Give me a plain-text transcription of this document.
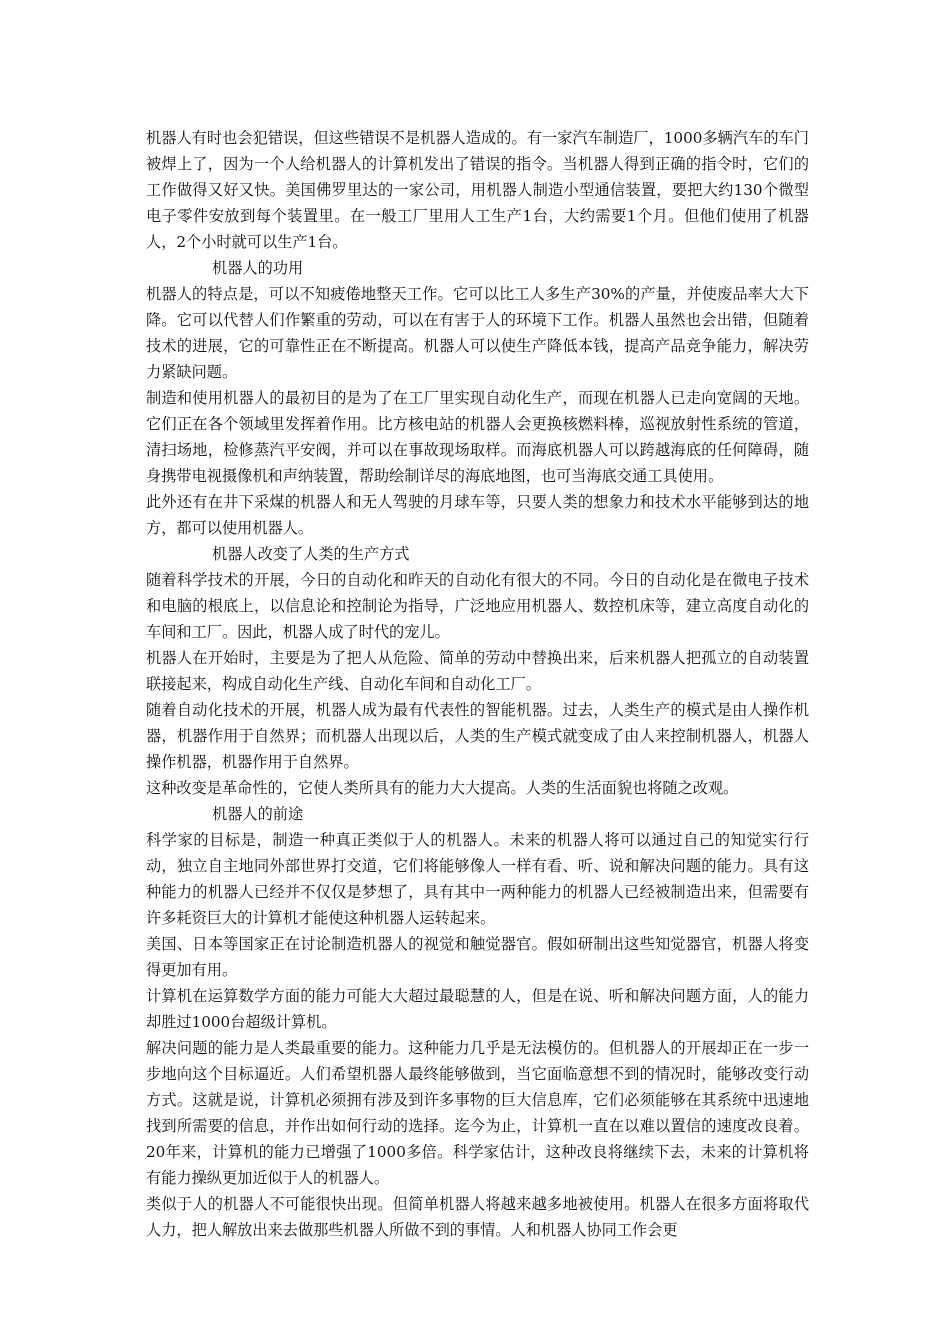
机器人有时也会犯错误，但这些错误不是机器人造成的。有一家汽车制造厂，1000多辆汽车的车门被焊上了，因为一个人给机器人的计算机发出了错误的指令。当机器人得到正确的指令时，它们的工作做得又好又快。美国佛罗里达的一家公司，用机器人制造小型通信装置，要把大约130个微型电子零件安放到每个装置里。在一般工厂里用人工生产1台，大约需要1个月。但他们使用了机器人，2个小时就可以生产1台。

机器人的功用

机器人的特点是，可以不知疲倦地整天工作。它可以比工人多生产30%的产量，并使废品率大大下降。它可以代替人们作繁重的劳动，可以在有害于人的环境下工作。机器人虽然也会出错，但随着技术的进展，它的可靠性正在不断提高。机器人可以使生产降低本钱，提高产品竞争能力，解决劳力紧缺问题。

制造和使用机器人的最初目的是为了在工厂里实现自动化生产，而现在机器人已走向宽阔的天地。它们正在各个领域里发挥着作用。比方核电站的机器人会更换核燃料棒，巡视放射性系统的管道，清扫场地，检修蒸汽平安阀，并可以在事故现场取样。而海底机器人可以跨越海底的任何障碍，随身携带电视摄像机和声纳装置，帮助绘制详尽的海底地图，也可当海底交通工具使用。

此外还有在井下采煤的机器人和无人驾驶的月球车等，只要人类的想象力和技术水平能够到达的地方，都可以使用机器人。

机器人改变了人类的生产方式

随着科学技术的开展，今日的自动化和昨天的自动化有很大的不同。今日的自动化是在微电子技术和电脑的根底上，以信息论和控制论为指导，广泛地应用机器人、数控机床等，建立高度自动化的车间和工厂。因此，机器人成了时代的宠儿。

机器人在开始时，主要是为了把人从危险、简单的劳动中替换出来，后来机器人把孤立的自动装置联接起来，构成自动化生产线、自动化车间和自动化工厂。

随着自动化技术的开展，机器人成为最有代表性的智能机器。过去，人类生产的模式是由人操作机器，机器作用于自然界；而机器人出现以后，人类的生产模式就变成了由人来控制机器人，机器人操作机器，机器作用于自然界。

这种改变是革命性的，它使人类所具有的能力大大提高。人类的生活面貌也将随之改观。

机器人的前途

科学家的目标是，制造一种真正类似于人的机器人。未来的机器人将可以通过自己的知觉实行行动，独立自主地同外部世界打交道，它们将能够像人一样有看、听、说和解决问题的能力。具有这种能力的机器人已经并不仅仅是梦想了，具有其中一两种能力的机器人已经被制造出来，但需要有许多耗资巨大的计算机才能使这种机器人运转起来。

美国、日本等国家正在讨论制造机器人的视觉和触觉器官。假如研制出这些知觉器官，机器人将变得更加有用。

计算机在运算数学方面的能力可能大大超过最聪慧的人，但是在说、听和解决问题方面，人的能力却胜过1000台超级计算机。

解决问题的能力是人类最重要的能力。这种能力几乎是无法模仿的。但机器人的开展却正在一步一步地向这个目标逼近。人们希望机器人最终能够做到，当它面临意想不到的情况时，能够改变行动方式。这就是说，计算机必须拥有涉及到许多事物的巨大信息库，它们必须能够在其系统中迅速地找到所需要的信息，并作出如何行动的选择。迄今为止，计算机一直在以难以置信的速度改良着。20年来，计算机的能力已增强了1000多倍。科学家估计，这种改良将继续下去，未来的计算机将有能力操纵更加近似于人的机器人。

类似于人的机器人不可能很快出现。但简单机器人将越来越多地被使用。机器人在很多方面将取代人力，把人解放出来去做那些机器人所做不到的事情。人和机器人协同工作会更
